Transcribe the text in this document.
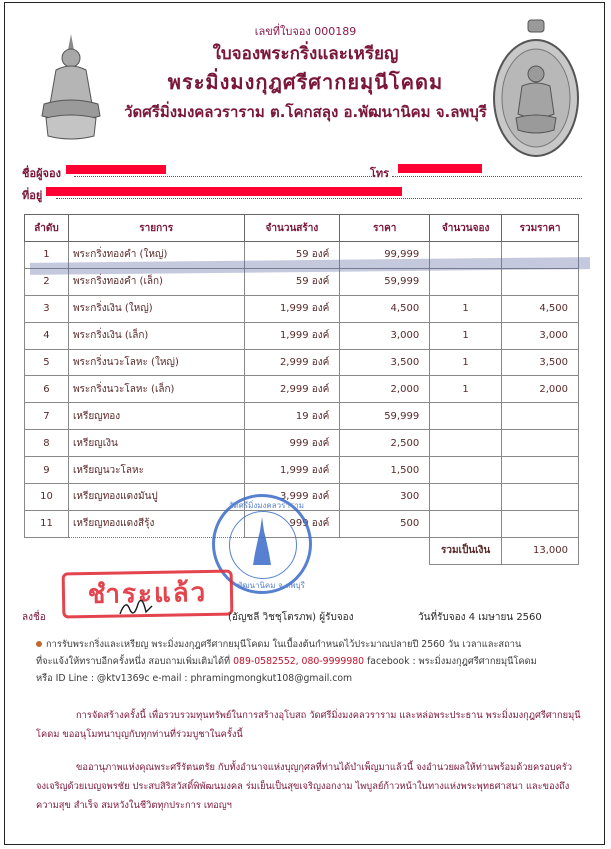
เลขที่ใบจอง 000189
ใบจองพระกริ่งและเหรียญ
พระมิ่งมงกุฎศรีศากยมุนีโคดม
วัดศรีมิ่งมงคลวราราม ต.โคกสลุง อ.พัฒนานิคม จ.ลพบุรี
ชื่อผู้จอง	โทร
ที่อยู่
ลำดับ	รายการ	จำนวนสร้าง	ราคา	จำนวนจอง	รวมราคา
1	พระกริ่งทองคำ (ใหญ่)	59 องค์	99,999		
2	พระกริ่งทองคำ (เล็ก)	59 องค์	59,999		
3	พระกริ่งเงิน (ใหญ่)	1,999 องค์	4,500	1	4,500
4	พระกริ่งเงิน (เล็ก)	1,999 องค์	3,000	1	3,000
5	พระกริ่งนวะโลหะ (ใหญ่)	2,999 องค์	3,500	1	3,500
6	พระกริ่งนวะโลหะ (เล็ก)	2,999 องค์	2,000	1	2,000
7	เหรียญทอง	19 องค์	59,999		
8	เหรียญเงิน	999 องค์	2,500		
9	เหรียญนวะโลหะ	1,999 องค์	1,500		
10	เหรียญทองแดงมันปู	3,999 องค์	300		
11	เหรียญทองแดงสีรุ้ง	999 องค์	500		
				รวมเป็นเงิน	13,000
วัดศรีมิ่งมงคลวราราม
พัฒนานิคม จ.ลพบุรี
ชำระแล้ว
ลงชื่อ	(อัญชลี วิชชุโตรภพ) ผู้รับจอง	วันที่รับจอง 4 เมษายน 2560
การรับพระกริ่งและเหรียญ พระมิ่งมงกุฎศรีศากยมุนีโคดม ในเบื้องต้นกำหนดไว้ประมาณปลายปี 2560 วัน เวลาและสถาน
ที่จะแจ้งให้ทราบอีกครั้งหนึ่ง สอบถามเพิ่มเติมได้ที่ 089-0582552, 080-9999980 facebook : พระมิ่งมงกุฎศรีศากยมุนีโคดม
หรือ ID Line : @ktv1369c e-mail : phramingmongkut108@gmail.com
การจัดสร้างครั้งนี้ เพื่อรวบรวมทุนทรัพย์ในการสร้างอุโบสถ วัดศรีมิ่งมงคลวราราม และหล่อพระประธาน พระมิ่งมงกุฎศรีศากยมุนีโคดม ขออนุโมทนาบุญกับทุกท่านที่ร่วมบูชาในครั้งนี้
ขออานุภาพแห่งคุณพระศรีรัตนตรัย กับทั้งอำนาจแห่งบุญกุศลที่ท่านได้บำเพ็ญมาแล้วนี้ จงอำนวยผลให้ท่านพร้อมด้วยครอบครัวจงเจริญด้วยเบญจพรชัย ประสบสิริสวัสดิ์พิพัฒนมงคล ร่มเย็นเป็นสุขเจริญงอกงาม ไพบูลย์ก้าวหน้าในทางแห่งพระพุทธศาสนา และของถึงความสุข สำเร็จ สมหวังในชีวิตทุกประการ เทอญฯ
